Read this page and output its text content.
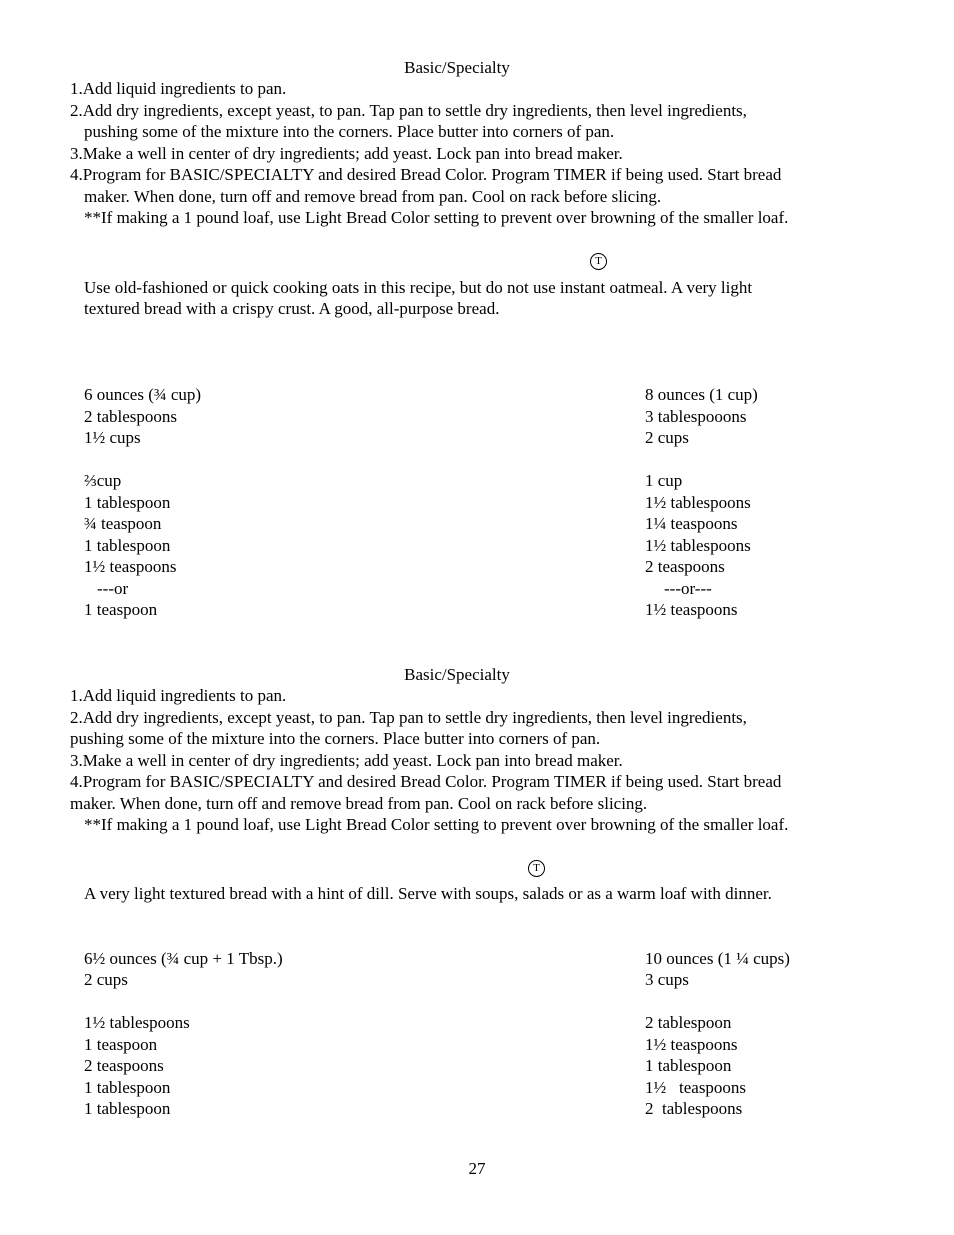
Basic/Specialty
1.Add liquid ingredients to pan.
2.Add dry ingredients, except yeast, to pan. Tap pan to settle dry ingredients, then level ingredients,
pushing some of the mixture into the corners. Place butter into corners of pan.
3.Make a well in center of dry ingredients; add yeast. Lock pan into bread maker.
4.Program for BASIC/SPECIALTY and desired Bread Color. Program TIMER if being used. Start bread
maker. When done, turn off and remove bread from pan. Cool on rack before slicing.
**If making a 1 pound loaf, use Light Bread Color setting to prevent over browning of the smaller loaf.
T
Use old-fashioned or quick cooking oats in this recipe, but do not use instant oatmeal. A very light
textured bread with a crispy crust. A good, all-purpose bread.
6 ounces (¾ cup)
2 tablespoons
1½ cups
⅔cup
1 tablespoon
¾ teaspoon
1 tablespoon
1½ teaspoons
---or
1 teaspoon
8 ounces (1 cup)
3 tablespooons
2 cups
1 cup
1½ tablespoons
1¼ teaspoons
1½ tablespoons
2 teaspoons
---or---
1½ teaspoons
Basic/Specialty
1.Add liquid ingredients to pan.
2.Add dry ingredients, except yeast, to pan. Tap pan to settle dry ingredients, then level ingredients,
pushing some of the mixture into the corners. Place butter into corners of pan.
3.Make a well in center of dry ingredients; add yeast. Lock pan into bread maker.
4.Program for BASIC/SPECIALTY and desired Bread Color. Program TIMER if being used. Start bread
maker. When done, turn off and remove bread from pan. Cool on rack before slicing.
**If making a 1 pound loaf, use Light Bread Color setting to prevent over browning of the smaller loaf.
T
A very light textured bread with a hint of dill. Serve with soups, salads or as a warm loaf with dinner.
6½ ounces (¾ cup + 1 Tbsp.)
2 cups
1½ tablespoons
1 teaspoon
2 teaspoons
1 tablespoon
1 tablespoon
10 ounces (1 ¼ cups)
3 cups
2 tablespoon
1½ teaspoons
1 tablespoon
1½   teaspoons
2  tablespoons
27
